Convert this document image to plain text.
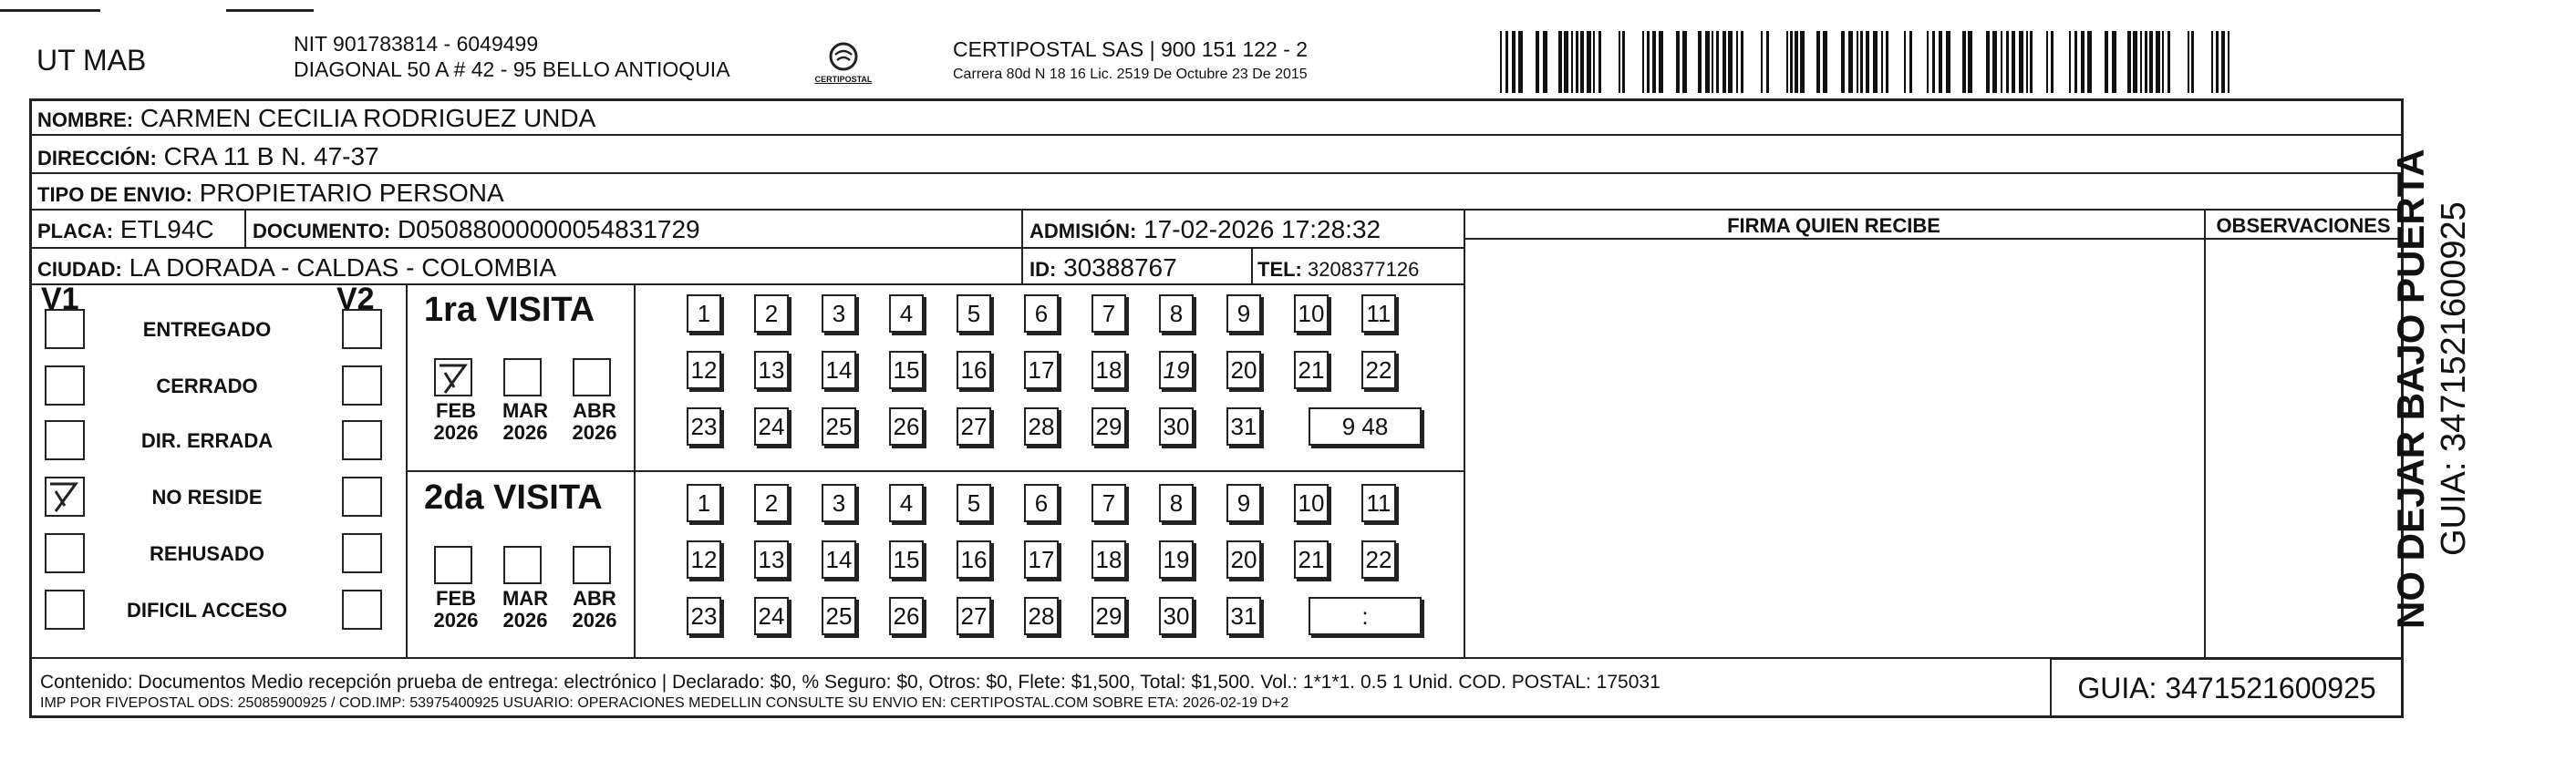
UT MAB	NIT 901783814 - 6049499
DIAGONAL 50 A # 42 - 95 BELLO ANTIOQUIA	CERTIPOSTAL
CERTIPOSTAL SAS | 900 151 122 - 2
Carrera 80d N 18 16 Lic. 2519 De Octubre 23 De 2015
NOMBRE: CARMEN CECILIA RODRIGUEZ UNDA
DIRECCIÓN: CRA 11 B N. 47-37
TIPO DE ENVIO: PROPIETARIO PERSONA
PLACA: ETL94C DOCUMENTO: D05088000000054831729	ADMISIÓN: 17-02-2026 17:28:32
CIUDAD: LA DORADA - CALDAS - COLOMBIA	ID: 30388767	TEL: 3208377126
FIRMA QUIEN RECIBE	OBSERVACIONES
V1	V2
ENTREGADO
CERRADO
DIR. ERRADA
NO RESIDE
REHUSADO
DIFICIL ACCESO
1ra VISITA
2da VISITA
FEB
2026
MAR
2026
ABR
2026
FEB
2026
MAR
2026
ABR
2026
1	2	3	4	5	6	7	8	9	10 11
12 13 14 15 16 17 18 19 20 21 22
23 24 25 26 27 28 29 30 31	9 48
1	2	3	4	5	6	7	8	9	10 11
12 13 14 15 16 17 18 19 20 21 22
23 24 25 26 27 28 29 30 31	:
Contenido: Documentos Medio recepción prueba de entrega: electrónico | Declarado: $0, % Seguro: $0, Otros: $0, Flete: $1,500, Total: $1,500. Vol.: 1*1*1. 0.5 1 Unid. COD. POSTAL: 175031
IMP POR FIVEPOSTAL ODS: 25085900925 / COD.IMP: 53975400925 USUARIO: OPERACIONES MEDELLIN CONSULTE SU ENVIO EN: CERTIPOSTAL.COM SOBRE ETA: 2026-02-19 D+2	GUIA: 3471521600925
NO DEJAR BAJO PUERTA GUIA: 3471521600925
